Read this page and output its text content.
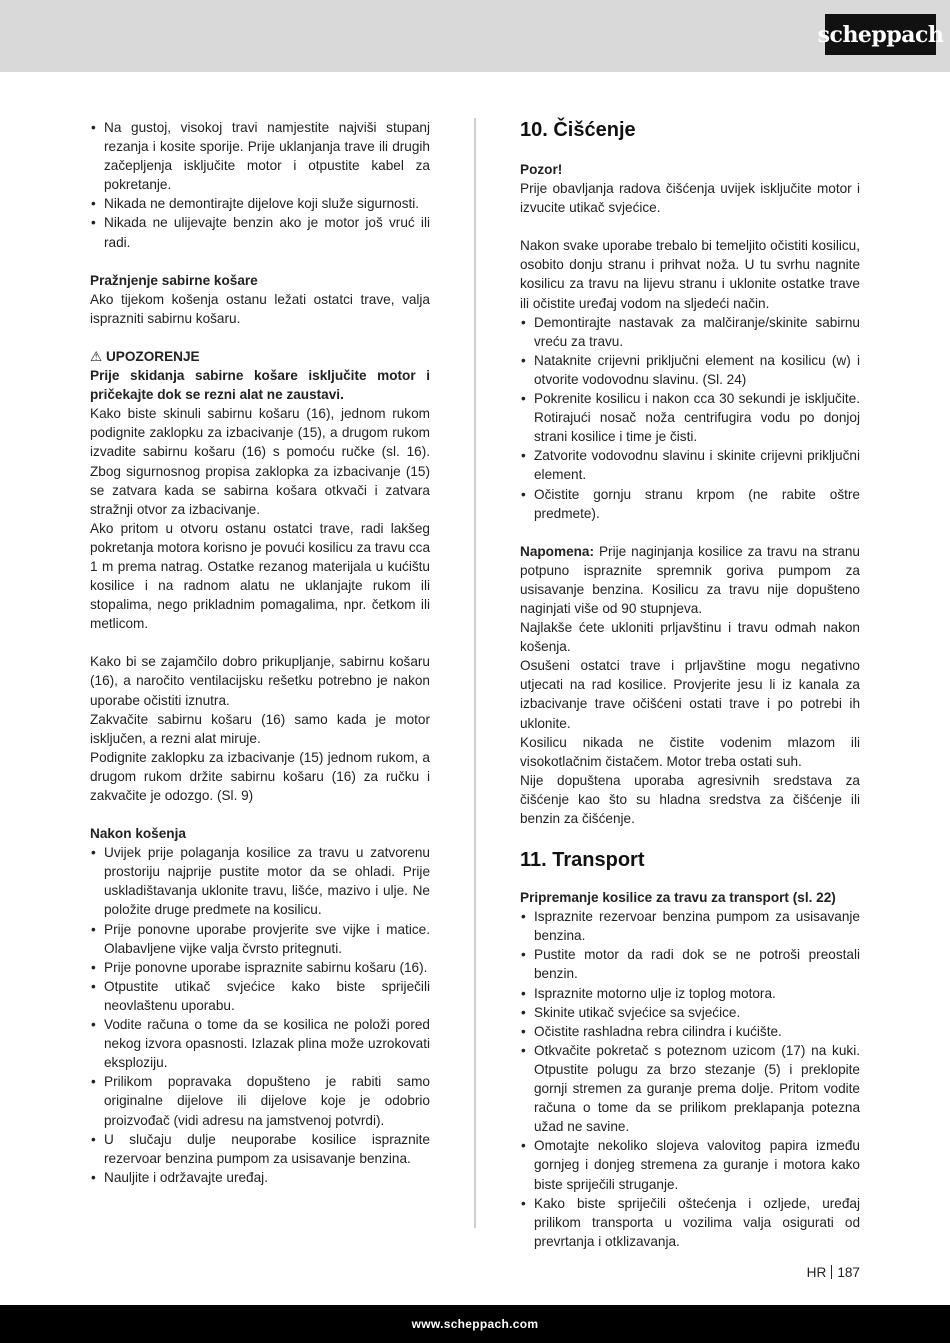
scheppach
• Na gustoj, visokoj travi namjestite najviši stupanj rezanja i kosite sporije. Prije uklanjanja trave ili drugih začepljenja isključite motor i otpustite kabel za pokretanje.
• Nikada ne demontirajte dijelove koji služe sigurnosti.
• Nikada ne ulijevajte benzin ako je motor još vruć ili radi.

Pražnjenje sabirne košare

Ako tijekom košenja ostanu ležati ostatci trave, valja isprazniti sabirnu košaru.

⚠ UPOZORENJE

Prije skidanja sabirne košare isključite motor i pričekajte dok se rezni alat ne zaustavi.

Kako biste skinuli sabirnu košaru (16), jednom rukom podignite zaklopku za izbacivanje (15), a drugom rukom izvadite sabirnu košaru (16) s pomoću ručke (sl. 16). Zbog sigurnosnog propisa zaklopka za izbacivanje (15) se zatvara kada se sabirna košara otkvači i zatvara stražnji otvor za izbacivanje.

Ako pritom u otvoru ostanu ostatci trave, radi lakšeg pokretanja motora korisno je povući kosilicu za travu cca 1 m prema natrag. Ostatke rezanog materijala u kućištu kosilice i na radnom alatu ne uklanjajte rukom ili stopalima, nego prikladnim pomagalima, npr. četkom ili metlicom.

Kako bi se zajamčilo dobro prikupljanje, sabirnu košaru (16), a naročito ventilacijsku rešetku potrebno je nakon uporabe očistiti iznutra.

Zakvačite sabirnu košaru (16) samo kada je motor isključen, a rezni alat miruje.

Podignite zaklopku za izbacivanje (15) jednom rukom, a drugom rukom držite sabirnu košaru (16) za ručku i zakvačite je odozgo. (Sl. 9)

Nakon košenja

• Uvijek prije polaganja kosilice za travu u zatvorenu prostoriju najprije pustite motor da se ohladi. Prije uskladištavanja uklonite travu, lišće, mazivo i ulje. Ne položite druge predmete na kosilicu.
• Prije ponovne uporabe provjerite sve vijke i matice. Olabavljene vijke valja čvrsto pritegnuti.
• Prije ponovne uporabe ispraznite sabirnu košaru (16).
• Otpustite utikač svjećice kako biste spriječili neovlaštenu uporabu.
• Vodite računa o tome da se kosilica ne položi pored nekog izvora opasnosti. Izlazak plina može uzrokovati eksploziju.
• Prilikom popravaka dopušteno je rabiti samo originalne dijelove ili dijelove koje je odobrio proizvođač (vidi adresu na jamstvenoj potvrdi).
• U slučaju dulje neuporabe kosilice ispraznite rezervoar benzina pumpom za usisavanje benzina.
• Nauljite i održavajte uređaj.
10. Čišćenje

Pozor!

Prije obavljanja radova čišćenja uvijek isključite motor i izvucite utikač svjećice.

Nakon svake uporabe trebalo bi temeljito očistiti kosilicu, osobito donju stranu i prihvat noža. U tu svrhu nagnite kosilicu za travu na lijevu stranu i uklonite ostatke trave ili očistite uređaj vodom na sljedeći način.

• Demontirajte nastavak za malčiranje/skinite sabirnu vreću za travu.
• Nataknite crijevni priključni element na kosilicu (w) i otvorite vodovodnu slavinu. (Sl. 24)
• Pokrenite kosilicu i nakon cca 30 sekundi je isključite. Rotirajući nosač noža centrifugira vodu po donjoj strani kosilice i time je čisti.
• Zatvorite vodovodnu slavinu i skinite crijevni priključni element.
• Očistite gornju stranu krpom (ne rabite oštre predmete).

Napomena: Prije naginjanja kosilice za travu na stranu potpuno ispraznite spremnik goriva pumpom za usisavanje benzina. Kosilicu za travu nije dopušteno naginjati više od 90 stupnjeva.

Najlakše ćete ukloniti prljavštinu i travu odmah nakon košenja.

Osušeni ostatci trave i prljavštine mogu negativno utjecati na rad kosilice. Provjerite jesu li iz kanala za izbacivanje trave očišćeni ostati trave i po potrebi ih uklonite.

Kosilicu nikada ne čistite vodenim mlazom ili visokotlačnim čistačem. Motor treba ostati suh.

Nije dopuštena uporaba agresivnih sredstava za čišćenje kao što su hladna sredstva za čišćenje ili benzin za čišćenje.

11. Transport

Pripremanje kosilice za travu za transport (sl. 22)

• Ispraznite rezervoar benzina pumpom za usisavanje benzina.
• Pustite motor da radi dok se ne potroši preostali benzin.
• Ispraznite motorno ulje iz toplog motora.
• Skinite utikač svjećice sa svjećice.
• Očistite rashladna rebra cilindra i kućište.
• Otkvačite pokretač s poteznom uzicom (17) na kuki. Otpustite polugu za brzo stezanje (5) i preklopite gornji stremen za guranje prema dolje. Pritom vodite računa o tome da se prilikom preklapanja potezna užad ne savine.
• Omotajte nekoliko slojeva valovitog papira između gornjeg i donjeg stremena za guranje i motora kako biste spriječili struganje.
• Kako biste spriječili oštećenja i ozljede, uređaj prilikom transporta u vozilima valja osigurati od prevrtanja i otklizavanja.
HR 187
www.scheppach.com
